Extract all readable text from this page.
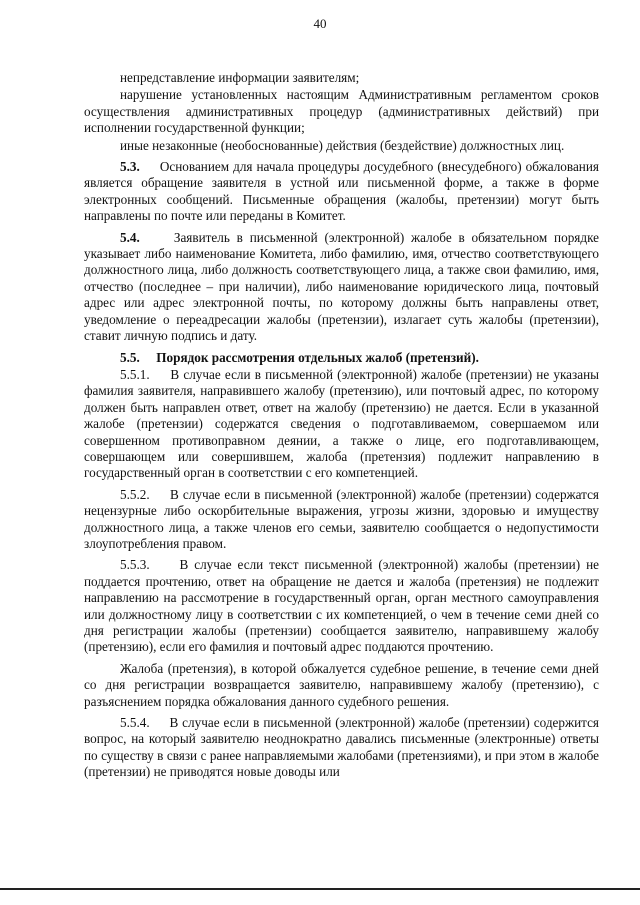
40

непредставление информации заявителям;

нарушение установленных настоящим Административным регламентом сроков осуществления административных процедур (административных действий) при исполнении государственной функции;

иные незаконные (необоснованные) действия (бездействие) должностных лиц.

5.3. Основанием для начала процедуры досудебного (внесудебного) обжалования является обращение заявителя в устной или письменной форме, а также в форме электронных сообщений. Письменные обращения (жалобы, претензии) могут быть направлены по почте или переданы в Комитет.

5.4.	Заявитель в письменной (электронной) жалобе в обязательном порядке указывает либо наименование Комитета, либо фамилию, имя, отчество соответствующего должностного лица, либо должность соответствующего лица, а также свои фамилию, имя, отчество (последнее – при наличии), либо наименование юридического лица, почтовый адрес или адрес электронной почты, по которому должны быть направлены ответ, уведомление о переадресации жалобы (претензии), излагает суть жалобы (претензии), ставит личную подпись и дату.

5.5. Порядок рассмотрения отдельных жалоб (претензий).

5.5.1. В случае если в письменной (электронной) жалобе (претензии) не указаны фамилия заявителя, направившего жалобу (претензию), или почтовый адрес, по которому должен быть направлен ответ, ответ на жалобу (претензию) не дается. Если в указанной жалобе (претензии) содержатся сведения о подготавливаемом, совершаемом или совершенном противоправном деянии, а также о лице, его подготавливающем, совершающем или совершившем, жалоба (претензия) подлежит направлению в государственный орган в соответствии с его компетенцией.

5.5.2. В случае если в письменной (электронной) жалобе (претензии) содержатся нецензурные либо оскорбительные выражения, угрозы жизни, здоровью и имуществу должностного лица, а также членов его семьи, заявителю сообщается о недопустимости злоупотребления правом.

5.5.3. В случае если текст письменной (электронной) жалобы (претензии) не поддается прочтению, ответ на обращение не дается и жалоба (претензия) не подлежит направлению на рассмотрение в государственный орган, орган местного самоуправления или должностному лицу в соответствии с их компетенцией, о чем в течение семи дней со дня регистрации жалобы (претензии) сообщается заявителю, направившему жалобу (претензию), если его фамилия и почтовый адрес поддаются прочтению.

Жалоба (претензия), в которой обжалуется судебное решение, в течение семи дней со дня регистрации возвращается заявителю, направившему жалобу (претензию), с разъяснением порядка обжалования данного судебного решения.

5.5.4. В случае если в письменной (электронной) жалобе (претензии) содержится вопрос, на который заявителю неоднократно давались письменные (электронные) ответы по существу в связи с ранее направляемыми жалобами (претензиями), и при этом в жалобе (претензии) не приводятся новые доводы или
